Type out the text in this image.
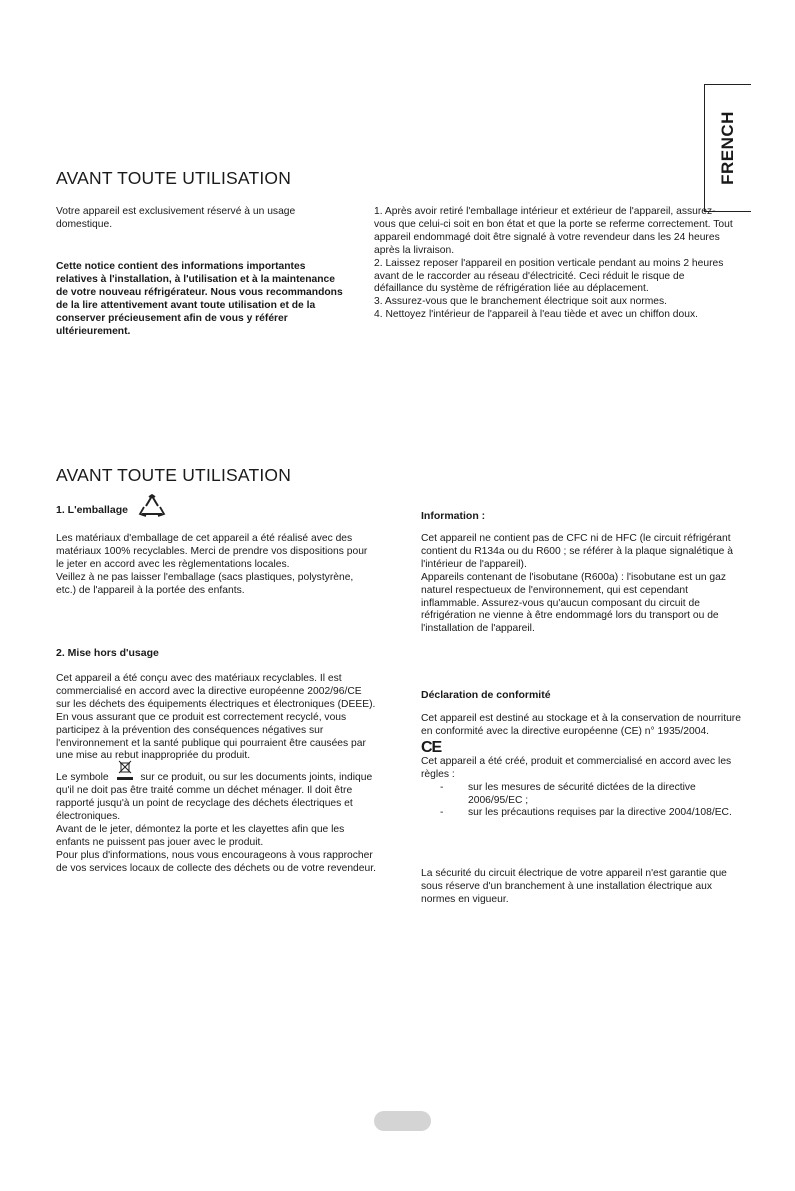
FRENCH
AVANT TOUTE UTILISATION

Votre appareil est exclusivement réservé à un usage domestique.

Cette notice contient des informations importantes relatives à l'installation, à l'utilisation et à la maintenance de votre nouveau réfrigérateur. Nous vous recommandons de la lire attentivement avant toute utilisation et de la conserver précieusement afin de vous y référer ultérieurement.

1. Après avoir retiré l'emballage intérieur et extérieur de l'appareil, assurez-vous que celui-ci soit en bon état et que la porte se referme correctement. Tout appareil endommagé doit être signalé à votre revendeur dans les 24 heures après la livraison.

2. Laissez reposer l'appareil en position verticale pendant au moins 2 heures avant de le raccorder au réseau d'électricité. Ceci réduit le risque de défaillance du système de réfrigération liée au déplacement.

3. Assurez-vous que le branchement électrique soit aux normes.

4. Nettoyez l'intérieur de l'appareil à l'eau tiède et avec un chiffon doux.

AVANT TOUTE UTILISATION
1. L'emballage

Les matériaux d'emballage de cet appareil a été réalisé avec des matériaux 100% recyclables. Merci de prendre vos dispositions pour le jeter en accord avec les règlementations locales.

Veillez à ne pas laisser l'emballage (sacs plastiques, polystyrène, etc.) de l'appareil à la portée des enfants.

2. Mise hors d'usage

Cet appareil a été conçu avec des matériaux recyclables. Il est commercialisé en accord avec la directive européenne 2002/96/CE sur les déchets des équipements électriques et électroniques (DEEE). En vous assurant que ce produit est correctement recyclé, vous participez à la prévention des conséquences négatives sur l'environnement et la santé publique qui pourraient être causées par une mise au rebut inappropriée du produit.

Le symbole	sur ce produit, ou sur les documents joints, indique qu'il ne doit pas être traité comme un déchet ménager. Il doit être rapporté jusqu'à un point de recyclage des déchets électriques et électroniques.

Avant de le jeter, démontez la porte et les clayettes afin que les enfants ne puissent pas jouer avec le produit.

Pour plus d'informations, nous vous encourageons à vous rapprocher de vos services locaux de collecte des déchets ou de votre revendeur.

Information :

Cet appareil ne contient pas de CFC ni de HFC (le circuit réfrigérant contient du R134a ou du R600 ; se référer à la plaque signalétique à l'intérieur de l'appareil).

Appareils contenant de l'isobutane (R600a) : l'isobutane est un gaz naturel respectueux de l'environnement, qui est cependant inflammable. Assurez-vous qu'aucun composant du circuit de réfrigération ne vienne à être endommagé lors du transport ou de l'installation de l'appareil.

Déclaration de conformité

Cet appareil est destiné au stockage et à la conservation de nourriture en conformité avec la directive européenne (CE) n° 1935/2004.

CE

Cet appareil a été créé, produit et commercialisé en accord avec les règles :

- sur les mesures de sécurité dictées de la directive 2006/95/EC ;
- sur les précautions requises par la directive 2004/108/EC.

La sécurité du circuit électrique de votre appareil n'est garantie que sous réserve d'un branchement à une installation électrique aux normes en vigueur.
